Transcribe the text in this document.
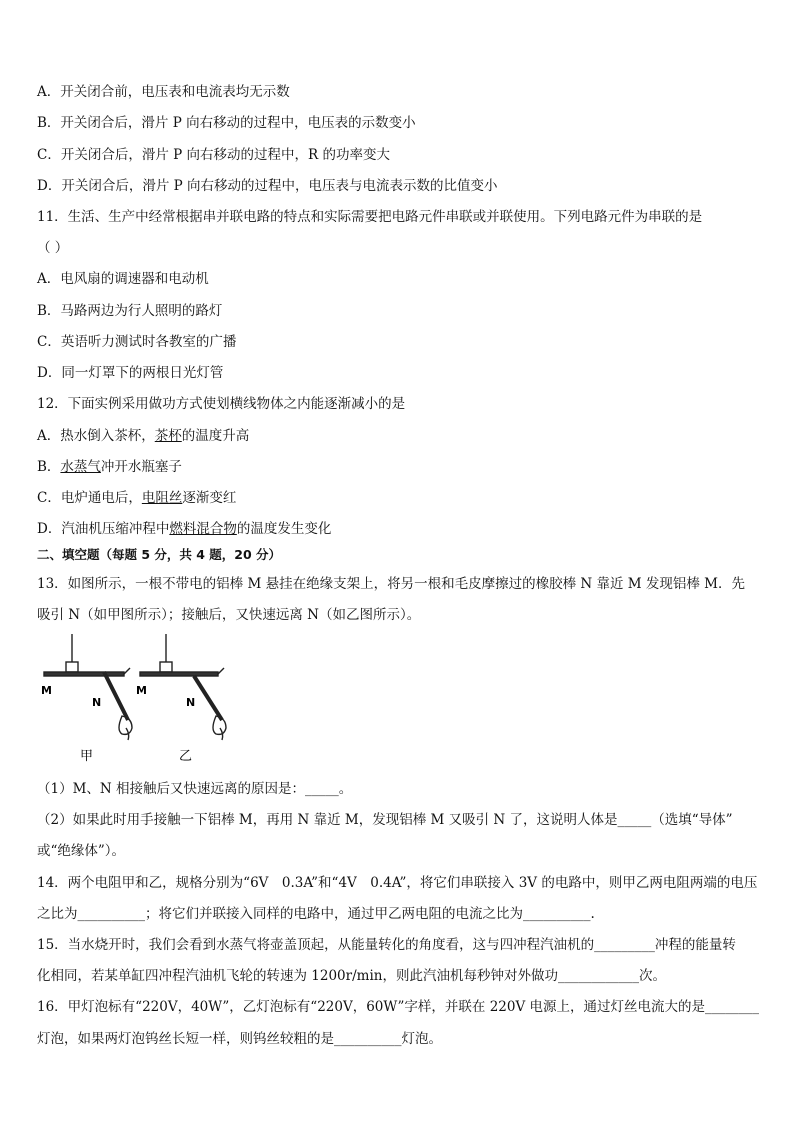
A．开关闭合前，电压表和电流表均无示数
B．开关闭合后，滑片 P 向右移动的过程中，电压表的示数变小
C．开关闭合后，滑片 P 向右移动的过程中，R 的功率变大
D．开关闭合后，滑片 P 向右移动的过程中，电压表与电流表示数的比值变小
11．生活、生产中经常根据串并联电路的特点和实际需要把电路元件串联或并联使用。下列电路元件为串联的是
（ ）
A．电风扇的调速器和电动机
B．马路两边为行人照明的路灯
C．英语听力测试时各教室的广播
D．同一灯罩下的两根日光灯管
12．下面实例采用做功方式使划横线物体之内能逐渐减小的是
A．热水倒入茶杯，茶杯的温度升高
B．水蒸气冲开水瓶塞子
C．电炉通电后，电阻丝逐渐变红
D．汽油机压缩冲程中燃料混合物的温度发生变化
二、填空题（每题 5 分，共 4 题，20 分）
13．如图所示，一根不带电的铝棒 M 悬挂在绝缘支架上，将另一根和毛皮摩擦过的橡胶棒 N 靠近 M 发现铝棒 M．先
吸引 N（如甲图所示）；接触后，又快速远离 N（如乙图所示）。
M
N
甲
M
N
乙
（1）M、N 相接触后又快速远离的原因是：_____。
（2）如果此时用手接触一下铝棒 M，再用 N 靠近 M，发现铝棒 M 又吸引 N 了，这说明人体是_____（选填“导体”
或“绝缘体”）。
14．两个电阻甲和乙，规格分别为“6V　0.3A”和“4V　0.4A”，将它们串联接入 3V 的电路中，则甲乙两电阻两端的电压
之比为__________；将它们并联接入同样的电路中，通过甲乙两电阻的电流之比为__________.
15．当水烧开时，我们会看到水蒸气将壶盖顶起，从能量转化的角度看，这与四冲程汽油机的_________冲程的能量转
化相同，若某单缸四冲程汽油机飞轮的转速为 1200r/min，则此汽油机每秒钟对外做功____________次。
16．甲灯泡标有“220V，40W”，乙灯泡标有“220V，60W”字样，并联在 220V 电源上，通过灯丝电流大的是________
灯泡，如果两灯泡钨丝长短一样，则钨丝较粗的是__________灯泡。
